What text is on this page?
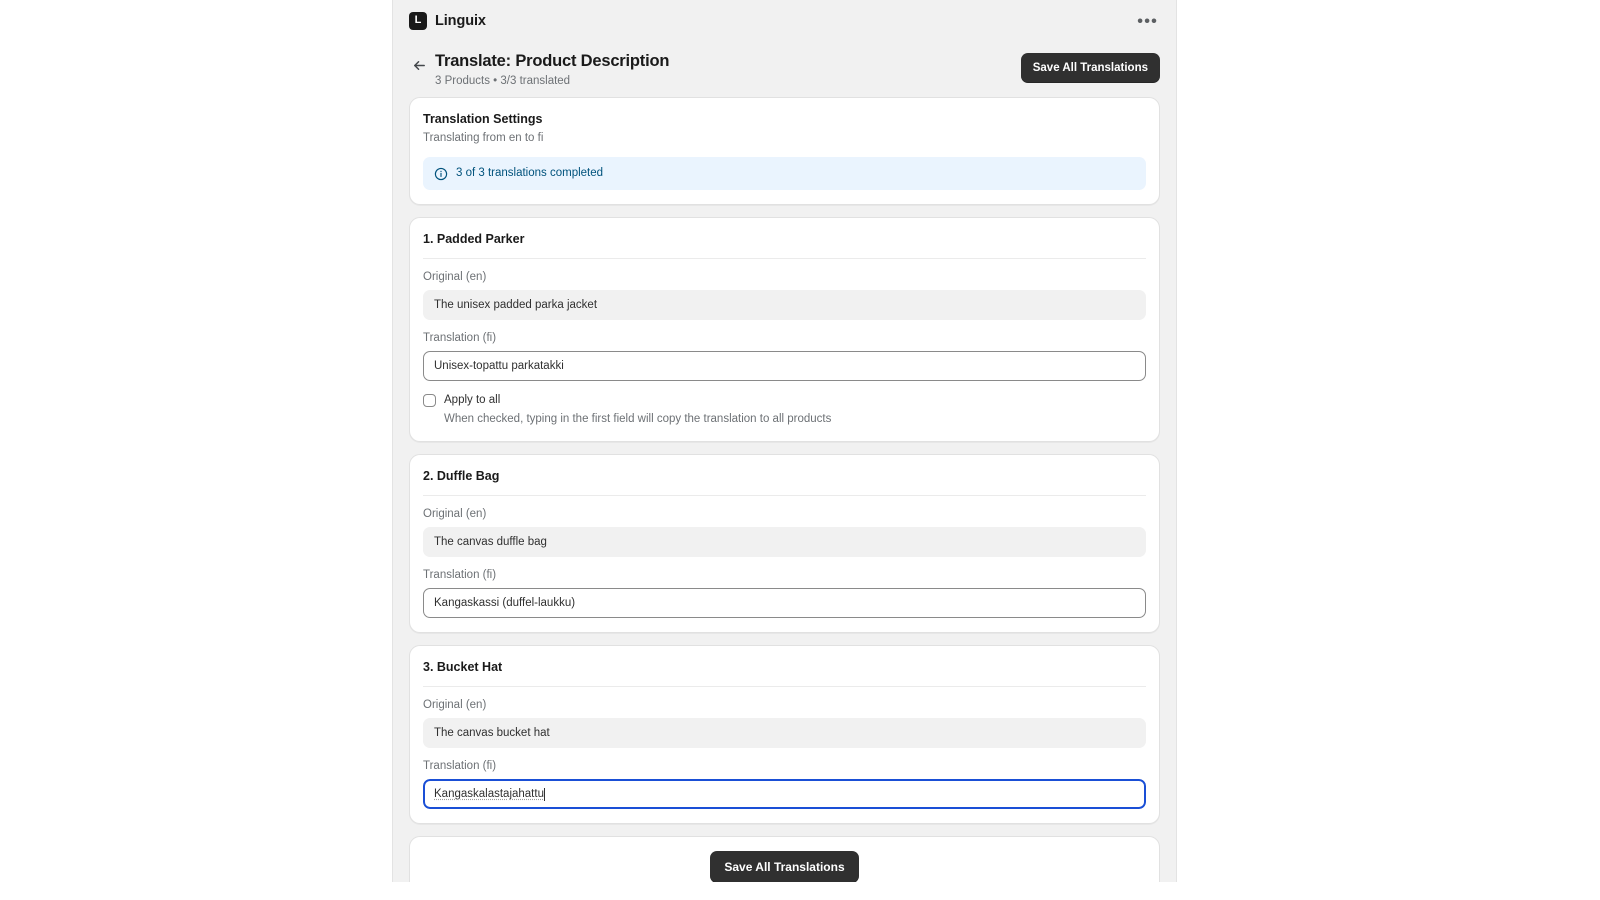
L Linguix	•••
Translate: Product Description
3 Products • 3/3 translated
Save All Translations
Translation Settings
Translating from en to fi
3 of 3 translations completed
1. Padded Parker
Original (en)
The unisex padded parka jacket
Translation (fi)
Unisex-topattu parkatakki
Apply to all
When checked, typing in the first field will copy the translation to all products
2. Duffle Bag
Original (en)
The canvas duffle bag
Translation (fi)
Kangaskassi (duffel-laukku)
3. Bucket Hat
Original (en)
The canvas bucket hat
Translation (fi)
Kangaskalastajahattu
Save All Translations
